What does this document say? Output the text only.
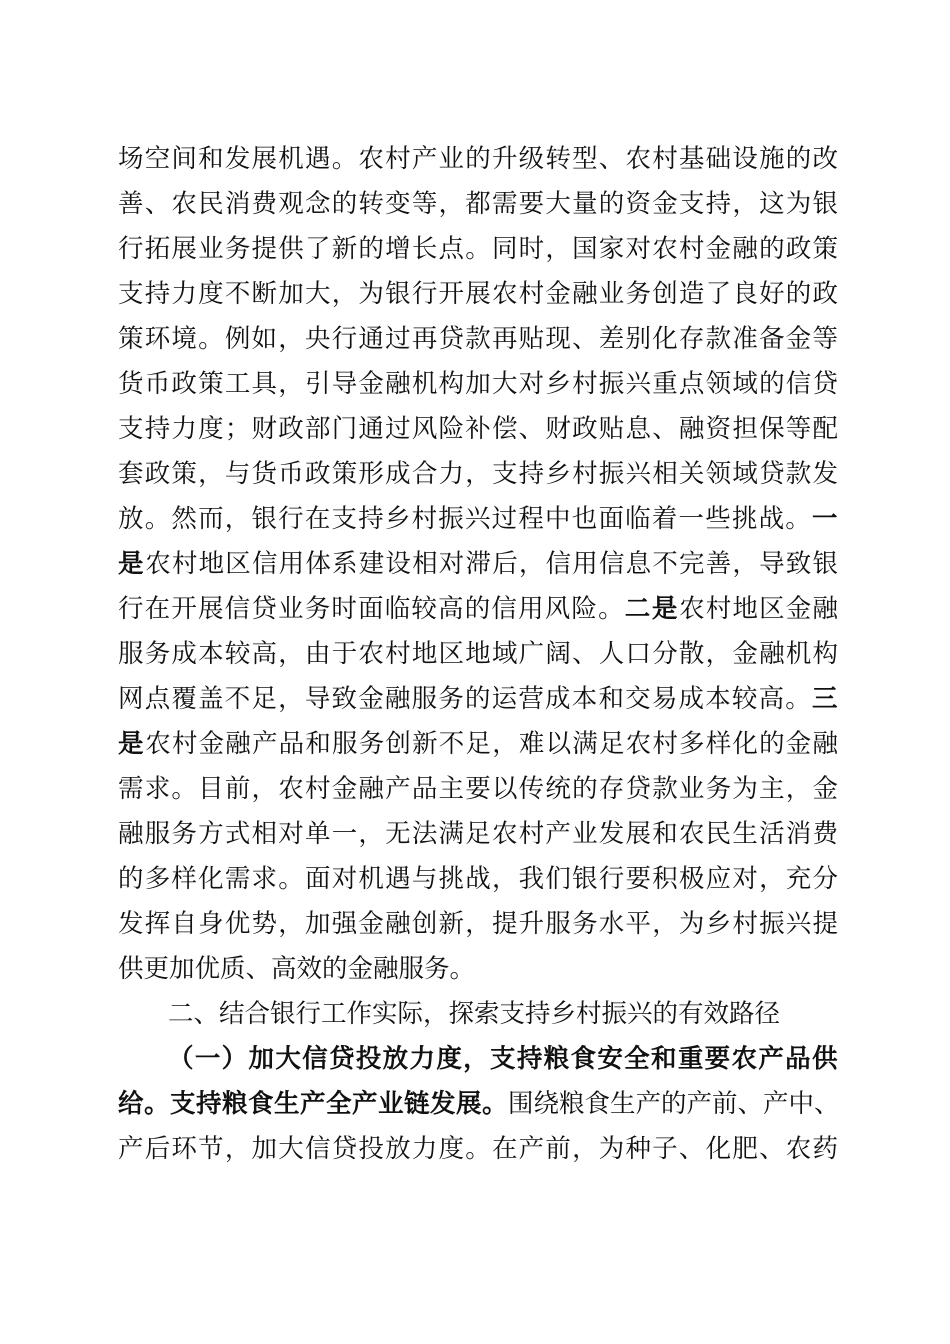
场空间和发展机遇。农村产业的升级转型、农村基础设施的改
善、农民消费观念的转变等，都需要大量的资金支持，这为银
行拓展业务提供了新的增长点。同时，国家对农村金融的政策
支持力度不断加大，为银行开展农村金融业务创造了良好的政
策环境。例如，央行通过再贷款再贴现、差别化存款准备金等
货币政策工具，引导金融机构加大对乡村振兴重点领域的信贷
支持力度；财政部门通过风险补偿、财政贴息、融资担保等配
套政策，与货币政策形成合力，支持乡村振兴相关领域贷款发
放。然而，银行在支持乡村振兴过程中也面临着一些挑战。一
是农村地区信用体系建设相对滞后，信用信息不完善，导致银
行在开展信贷业务时面临较高的信用风险。二是农村地区金融
服务成本较高，由于农村地区地域广阔、人口分散，金融机构
网点覆盖不足，导致金融服务的运营成本和交易成本较高。三
是农村金融产品和服务创新不足，难以满足农村多样化的金融
需求。目前，农村金融产品主要以传统的存贷款业务为主，金
融服务方式相对单一，无法满足农村产业发展和农民生活消费
的多样化需求。面对机遇与挑战，我们银行要积极应对，充分
发挥自身优势，加强金融创新，提升服务水平，为乡村振兴提
供更加优质、高效的金融服务。
二、结合银行工作实际，探索支持乡村振兴的有效路径
（一）加大信贷投放力度，支持粮食安全和重要农产品供
给。支持粮食生产全产业链发展。围绕粮食生产的产前、产中、
产后环节，加大信贷投放力度。在产前，为种子、化肥、农药
